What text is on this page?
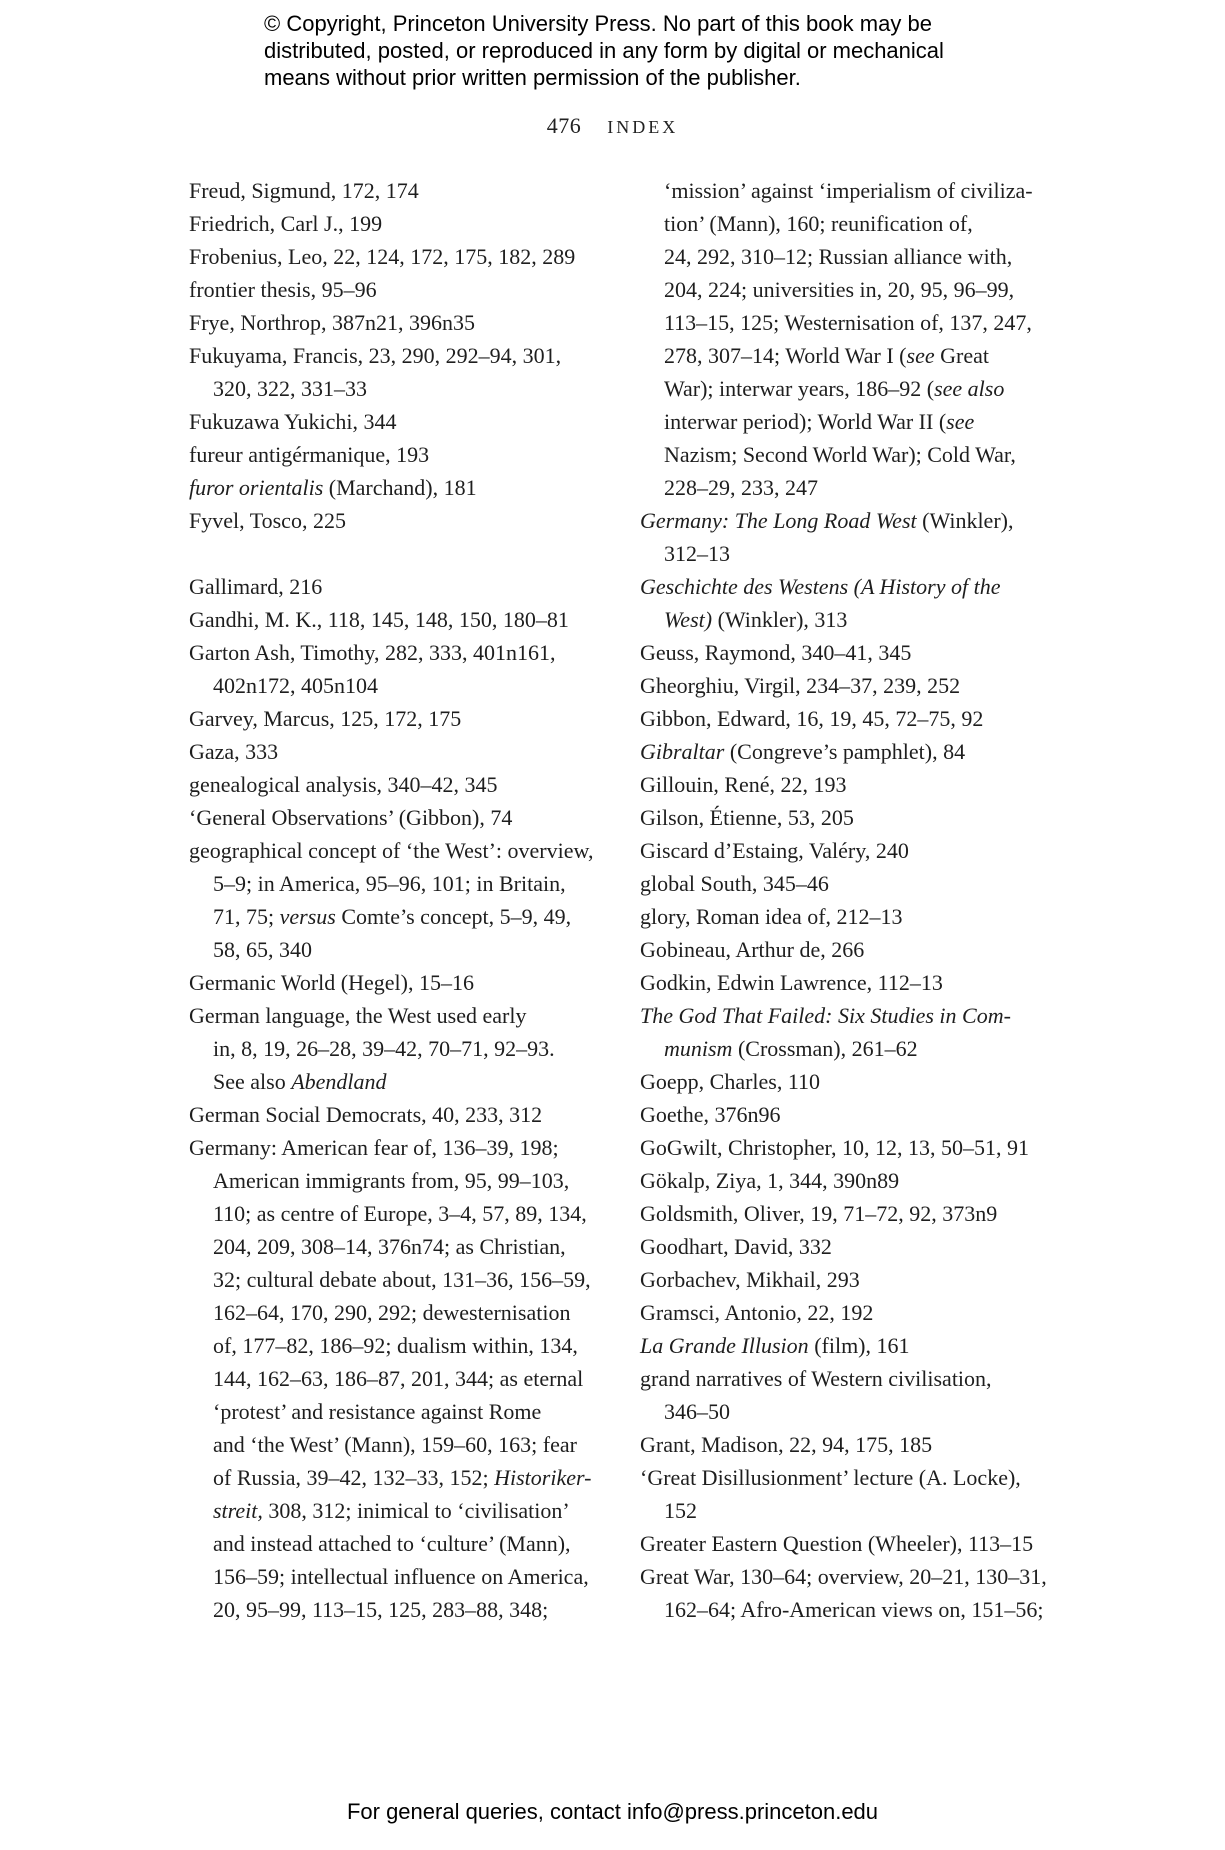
© Copyright, Princeton University Press. No part of this book may be
distributed, posted, or reproduced in any form by digital or mechanical
means without prior written permission of the publisher.
476 INDEX
Freud, Sigmund, 172, 174
Friedrich, Carl J., 199
Frobenius, Leo, 22, 124, 172, 175, 182, 289
frontier thesis, 95–96
Frye, Northrop, 387n21, 396n35
Fukuyama, Francis, 23, 290, 292–94, 301,
320, 322, 331–33
Fukuzawa Yukichi, 344
fureur antigérmanique, 193
furor orientalis (Marchand), 181
Fyvel, Tosco, 225
Gallimard, 216
Gandhi, M. K., 118, 145, 148, 150, 180–81
Garton Ash, Timothy, 282, 333, 401n161,
402n172, 405n104
Garvey, Marcus, 125, 172, 175
Gaza, 333
genealogical analysis, 340–42, 345
‘General Observations’ (Gibbon), 74
geographical concept of ‘the West’: overview,
5–9; in America, 95–96, 101; in Britain,
71, 75; versus Comte’s concept, 5–9, 49,
58, 65, 340
Germanic World (Hegel), 15–16
German language, the West used early
in, 8, 19, 26–28, 39–42, 70–71, 92–93.
See also Abendland
German Social Democrats, 40, 233, 312
Germany: American fear of, 136–39, 198;
American immigrants from, 95, 99–103,
110; as centre of Europe, 3–4, 57, 89, 134,
204, 209, 308–14, 376n74; as Christian,
32; cultural debate about, 131–36, 156–59,
162–64, 170, 290, 292; dewesternisation
of, 177–82, 186–92; dualism within, 134,
144, 162–63, 186–87, 201, 344; as eternal
‘protest’ and resistance against Rome
and ‘the West’ (Mann), 159–60, 163; fear
of Russia, 39–42, 132–33, 152; Historiker-
streit, 308, 312; inimical to ‘civilisation’
and instead attached to ‘culture’ (Mann),
156–59; intellectual influence on America,
20, 95–99, 113–15, 125, 283–88, 348;
‘mission’ against ‘imperialism of civiliza-
tion’ (Mann), 160; reunification of,
24, 292, 310–12; Russian alliance with,
204, 224; universities in, 20, 95, 96–99,
113–15, 125; Westernisation of, 137, 247,
278, 307–14; World War I (see Great
War); interwar years, 186–92 (see also
interwar period); World War II (see
Nazism; Second World War); Cold War,
228–29, 233, 247
Germany: The Long Road West (Winkler),
312–13
Geschichte des Westens (A History of the
West) (Winkler), 313
Geuss, Raymond, 340–41, 345
Gheorghiu, Virgil, 234–37, 239, 252
Gibbon, Edward, 16, 19, 45, 72–75, 92
Gibraltar (Congreve’s pamphlet), 84
Gillouin, René, 22, 193
Gilson, Étienne, 53, 205
Giscard d’Estaing, Valéry, 240
global South, 345–46
glory, Roman idea of, 212–13
Gobineau, Arthur de, 266
Godkin, Edwin Lawrence, 112–13
The God That Failed: Six Studies in Com-
munism (Crossman), 261–62
Goepp, Charles, 110
Goethe, 376n96
GoGwilt, Christopher, 10, 12, 13, 50–51, 91
Gökalp, Ziya, 1, 344, 390n89
Goldsmith, Oliver, 19, 71–72, 92, 373n9
Goodhart, David, 332
Gorbachev, Mikhail, 293
Gramsci, Antonio, 22, 192
La Grande Illusion (film), 161
grand narratives of Western civilisation,
346–50
Grant, Madison, 22, 94, 175, 185
‘Great Disillusionment’ lecture (A. Locke),
152
Greater Eastern Question (Wheeler), 113–15
Great War, 130–64; overview, 20–21, 130–31,
162–64; Afro-American views on, 151–56;
For general queries, contact info@press.princeton.edu
